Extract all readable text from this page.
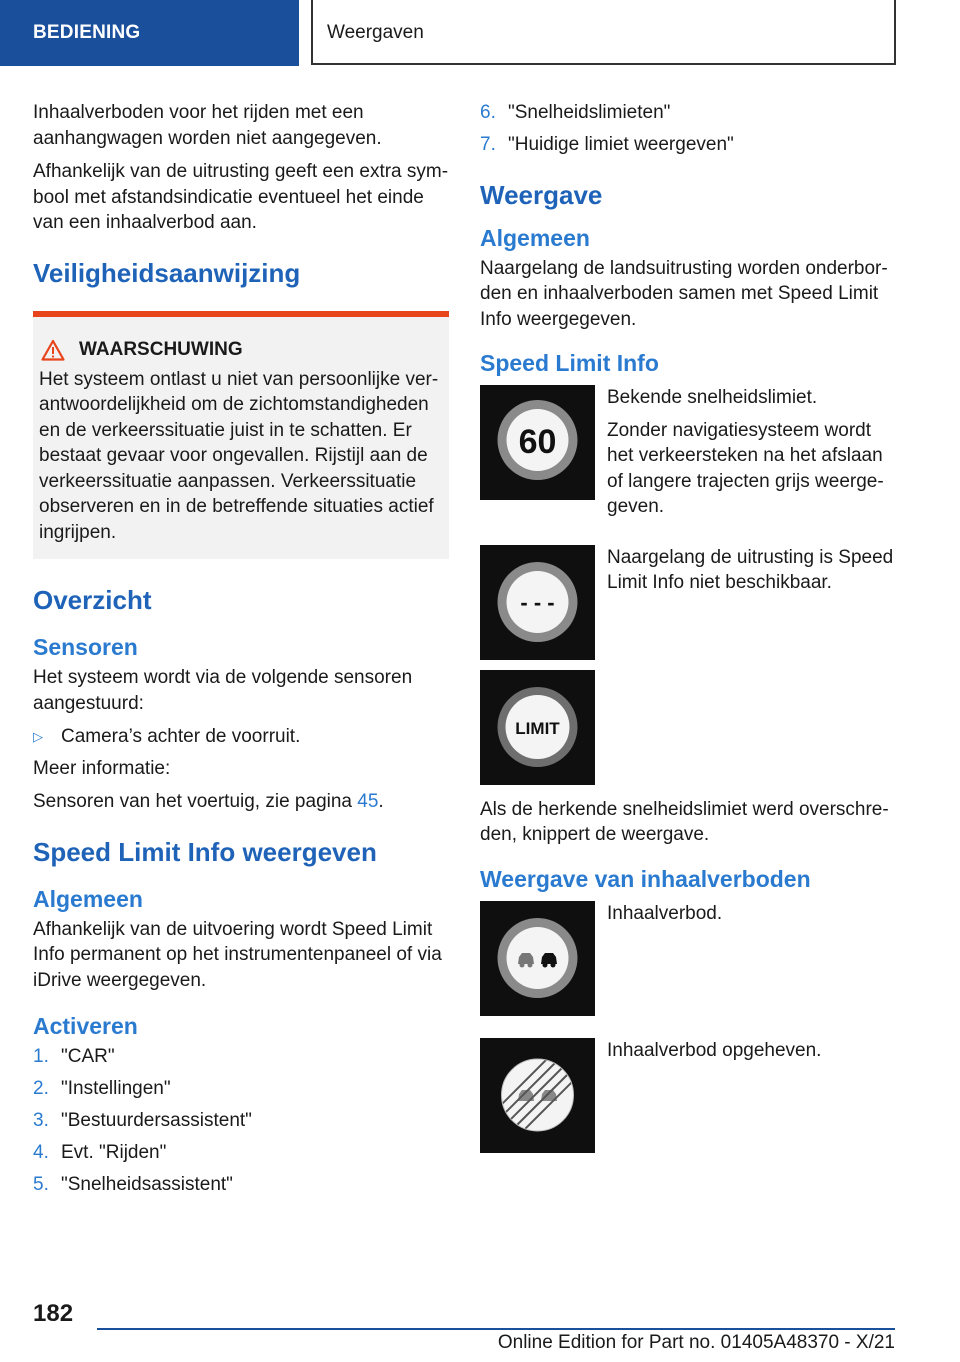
BEDIENING	Weergaven

Inhaalverboden voor het rijden met een aanhangwagen worden niet aangegeven.

Afhankelijk van de uitrusting geeft een extra symbool met afstandsindicatie eventueel het einde van een inhaalverbod aan.

Veiligheidsaanwijzing
WAARSCHUWING

Het systeem ontlast u niet van persoonlijke verantwoordelijkheid om de zichtomstandigheden en de verkeerssituatie juist in te schatten. Er bestaat gevaar voor ongevallen. Rijstijl aan de verkeerssituatie aanpassen. Verkeerssituatie observeren en in de betreffende situaties actief ingrijpen.

Overzicht
Sensoren

Het systeem wordt via de volgende sensoren aangestuurd:

▷ Camera’s achter de voorruit.

Meer informatie:

Sensoren van het voertuig, zie pagina 45.

Speed Limit Info weergeven
Algemeen

Afhankelijk van de uitvoering wordt Speed Limit Info permanent op het instrumentenpaneel of via iDrive weergegeven.

Activeren
1. "CAR"
2. "Instellingen"
3. "Bestuurdersassistent"
4. Evt. "Rijden"
5. "Snelheidsassistent"
6. "Snelheidslimieten"
7. "Huidige limiet weergeven"
Weergave
Algemeen

Naargelang de landsuitrusting worden onderborden en inhaalverboden samen met Speed Limit Info weergegeven.

Speed Limit Info
60

Bekende snelheidslimiet.

Zonder navigatiesysteem wordt het verkeersteken na het afslaan of langere trajecten grijs weergegeven.

- - -

Naargelang de uitrusting is Speed Limit Info niet beschikbaar.

LIMIT

Als de herkende snelheidslimiet werd overschreden, knippert de weergave.

Weergave van inhaalverboden

Inhaalverbod.

Inhaalverbod opgeheven.

182
Online Edition for Part no. 01405A48370 - X/21
